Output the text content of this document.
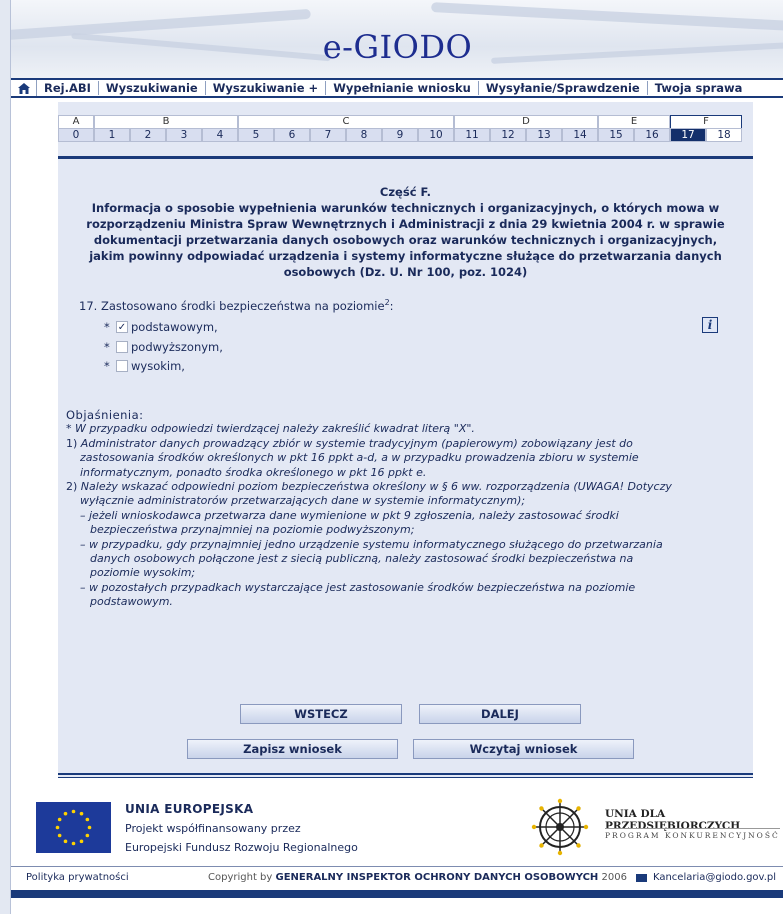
e-GIODO
Rej.ABI	Wyszukiwanie	Wyszukiwanie +	Wypełnianie wniosku	Wysyłanie/Sprawdzenie	Twoja sprawa
A	B	C	D	E	F
0	1	2	3	4	5	6	7	8	9	10	11	12	13	14	15	16	17	18
Część F.
Informacja o sposobie wypełnienia warunków technicznych i organizacyjnych, o których mowa w
rozporządzeniu Ministra Spraw Wewnętrznych i Administracji z dnia 29 kwietnia 2004 r. w sprawie
dokumentacji przetwarzania danych osobowych oraz warunków technicznych i organizacyjnych,
jakim powinny odpowiadać urządzenia i systemy informatyczne służące do przetwarzania danych
osobowych (Dz. U. Nr 100, poz. 1024)
17. Zastosowano środki bezpieczeństwa na poziomie$^2$:
* ✓ podstawowym,
*	podwyższonym,
*	wysokim,
i
Objaśnienia:
* W przypadku odpowiedzi twierdzącej należy zakreślić kwadrat literą "X".
1) Administrator danych prowadzący zbiór w systemie tradycyjnym (papierowym) zobowiązany jest do
zastosowania środków określonych w pkt 16 ppkt a-d, a w przypadku prowadzenia zbioru w systemie
informatycznym, ponadto środka określonego w pkt 16 ppkt e.
2) Należy wskazać odpowiedni poziom bezpieczeństwa określony w § 6 ww. rozporządzenia (UWAGA! Dotyczy
wyłącznie administratorów przetwarzających dane w systemie informatycznym);
– jeżeli wnioskodawca przetwarza dane wymienione w pkt 9 zgłoszenia, należy zastosować środki
bezpieczeństwa przynajmniej na poziomie podwyższonym;
– w przypadku, gdy przynajmniej jedno urządzenie systemu informatycznego służącego do przetwarzania
danych osobowych połączone jest z siecią publiczną, należy zastosować środki bezpieczeństwa na
poziomie wysokim;
– w pozostałych przypadkach wystarczające jest zastosowanie środków bezpieczeństwa na poziomie
podstawowym.
WSTECZ	DALEJ
Zapisz wniosek	Wczytaj wniosek
UNIA EUROPEJSKA
Projekt współfinansowany przez
Europejski Fundusz Rozwoju Regionalnego
UNIA DLA PRZEDSIĘBIORCZYCH
PROGRAM KONKURENCYJNOŚĆ
Polityka prywatności	Copyright by GENERALNY INSPEKTOR OCHRONY DANYCH OSOBOWYCH 2006	Kancelaria@giodo.gov.pl
